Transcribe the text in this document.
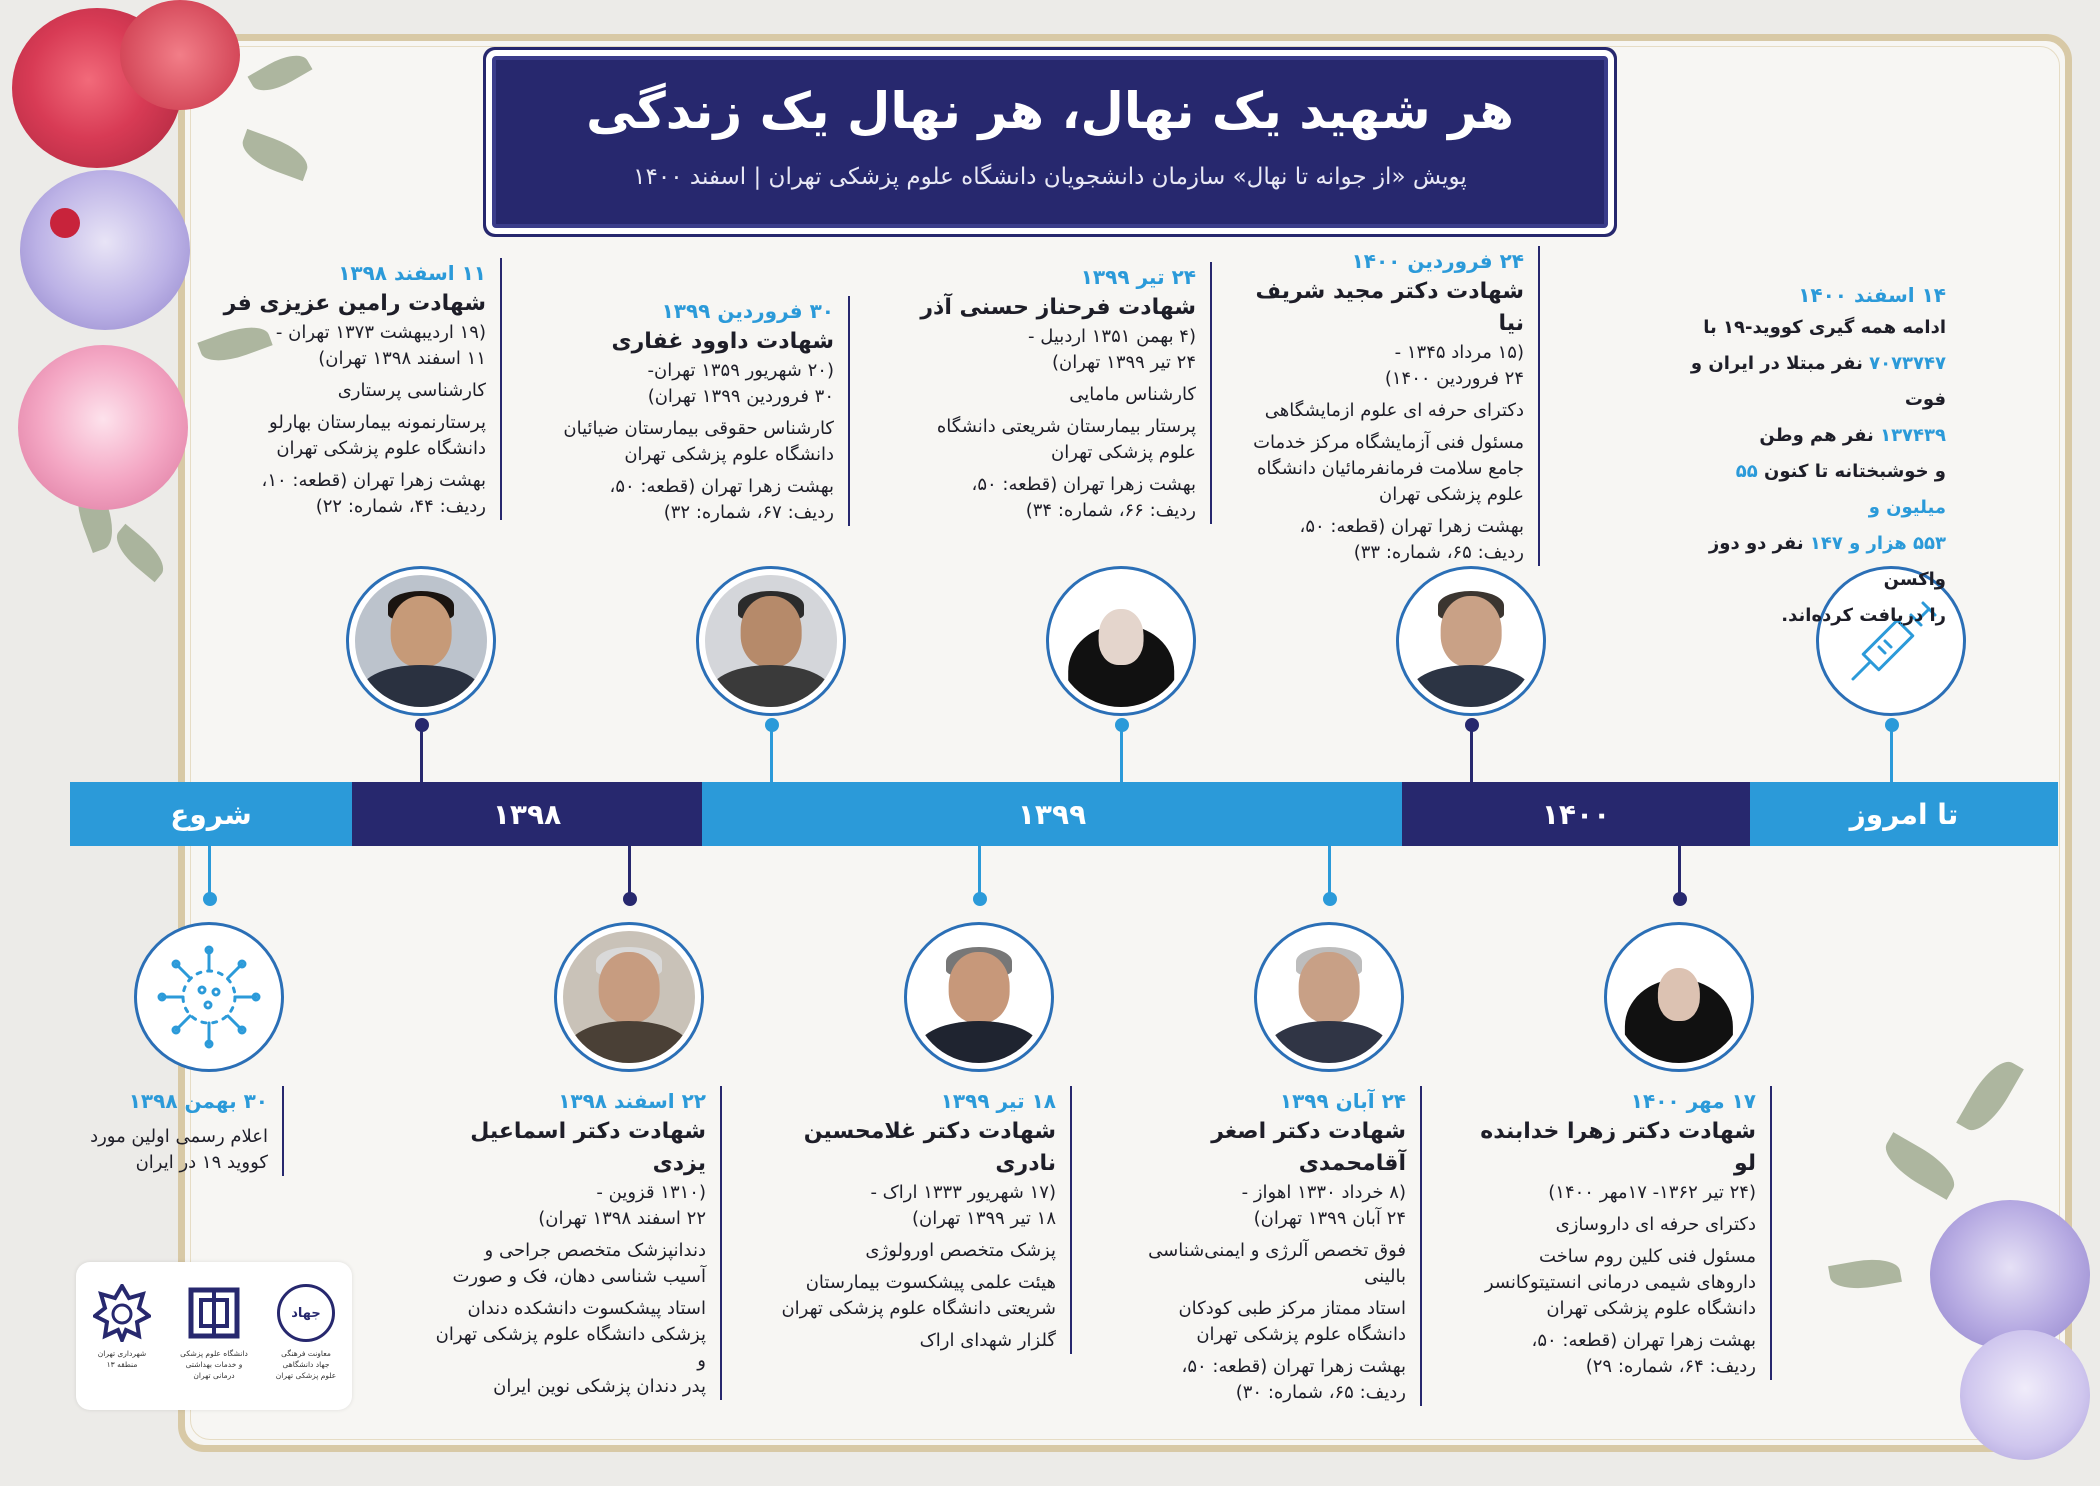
هر شهید یک نهال، هر نهال یک زندگی
پویش «از جوانه تا نهال» سازمان دانشجویان دانشگاه علوم پزشکی تهران | اسفند ۱۴۰۰
تا امروز
۱۴۰۰
۱۳۹۹
۱۳۹۸
شروع
۱۱ اسفند ۱۳۹۸
شهادت رامین عزیزی فر
(۱۹ اردیبهشت ۱۳۷۳ تهران -
۱۱ اسفند ۱۳۹۸ تهران)
کارشناسی پرستاری
پرستارنمونه بیمارستان بهارلو
دانشگاه علوم پزشکی تهران
بهشت زهرا تهران (قطعه: ۱۰،
ردیف: ۴۴، شماره: ۲۲)
۳۰ فروردین ۱۳۹۹
شهادت داوود غفاری
(۲۰ شهریور ۱۳۵۹ تهران-
۳۰ فروردین ۱۳۹۹ تهران)
کارشناس حقوقی بیمارستان ضیائیان
دانشگاه علوم پزشکی تهران
بهشت زهرا تهران (قطعه: ۵۰،
ردیف: ۶۷، شماره: ۳۲)
۲۴ تیر ۱۳۹۹
شهادت فرحناز حسنی آذر
(۴ بهمن ۱۳۵۱ اردبیل -
۲۴ تیر ۱۳۹۹ تهران)
کارشناس مامایی
پرستار بیمارستان شریعتی دانشگاه
علوم پزشکی تهران
بهشت زهرا تهران (قطعه: ۵۰،
ردیف: ۶۶، شماره: ۳۴)
۲۴ فروردین ۱۴۰۰
شهادت دکتر مجید شریف نیا
(۱۵ مرداد ۱۳۴۵ -
۲۴ فروردین ۱۴۰۰)
دکترای حرفه ای علوم ازمایشگاهی
مسئول فنی آزمایشگاه مرکز خدمات
جامع سلامت فرمانفرمائیان دانشگاه
علوم پزشکی تهران
بهشت زهرا تهران (قطعه: ۵۰،
ردیف: ۶۵، شماره: ۳۳)
۱۴ اسفند ۱۴۰۰
ادامه همه گیری کووید-۱۹ با
۷۰۷۳۷۴۷ نفر مبتلا در ایران و فوت
۱۳۷۴۳۹ نفر هم وطن
و خوشبختانه تا کنون ۵۵ میلیون و
۵۵۳ هزار و ۱۴۷ نفر دو دوز واکسن
را دریافت کرده‌اند.
۳۰ بهمن ۱۳۹۸
اعلام رسمی اولین مورد
کووید ۱۹ در ایران
۲۲ اسفند ۱۳۹۸
شهادت دکتر اسماعیل یزدی
(۱۳۱۰ قزوین -
۲۲ اسفند ۱۳۹۸ تهران)
دندانپزشک متخصص جراحی و
آسیب شناسی دهان، فک و صورت
استاد پیشکسوت دانشکده دندان
پزشکی دانشگاه علوم پزشکی تهران و
پدر دندان پزشکی نوین ایران
۱۸ تیر ۱۳۹۹
شهادت دکتر غلامحسین نادری
(۱۷ شهریور ۱۳۳۳ اراک -
۱۸ تیر ۱۳۹۹ تهران)
پزشک متخصص اورولوژی
هیئت علمی پیشکسوت بیمارستان
شریعتی دانشگاه علوم پزشکی تهران
گلزار شهدای اراک
۲۴ آبان ۱۳۹۹
شهادت دکتر اصغر آقامحمدی
(۸ خرداد ۱۳۳۰ اهواز -
۲۴ آبان ۱۳۹۹ تهران)
فوق تخصص آلرژی و ایمنی‌شناسی بالینی
استاد ممتاز مرکز طبی کودکان
دانشگاه علوم پزشکی تهران
بهشت زهرا تهران (قطعه: ۵۰،
ردیف: ۶۵، شماره: ۳۰)
۱۷ مهر ۱۴۰۰
شهادت دکتر زهرا خدابنده لو
(۲۴ تیر ۱۳۶۲- ۱۷مهر ۱۴۰۰)
دکترای حرفه ای داروسازی
مسئول فنی کلین روم ساخت
داروهای شیمی درمانی انستیتوکانسر
دانشگاه علوم پزشکی تهران
بهشت زهرا تهران (قطعه: ۵۰،
ردیف: ۶۴، شماره: ۲۹)
جهاد
معاونت فرهنگی
جهاد دانشگاهی
علوم پزشکی تهران
دانشگاه علوم پزشکی
و خدمات بهداشتی
درمانی تهران
شهرداری تهران
منطقه ۱۳
